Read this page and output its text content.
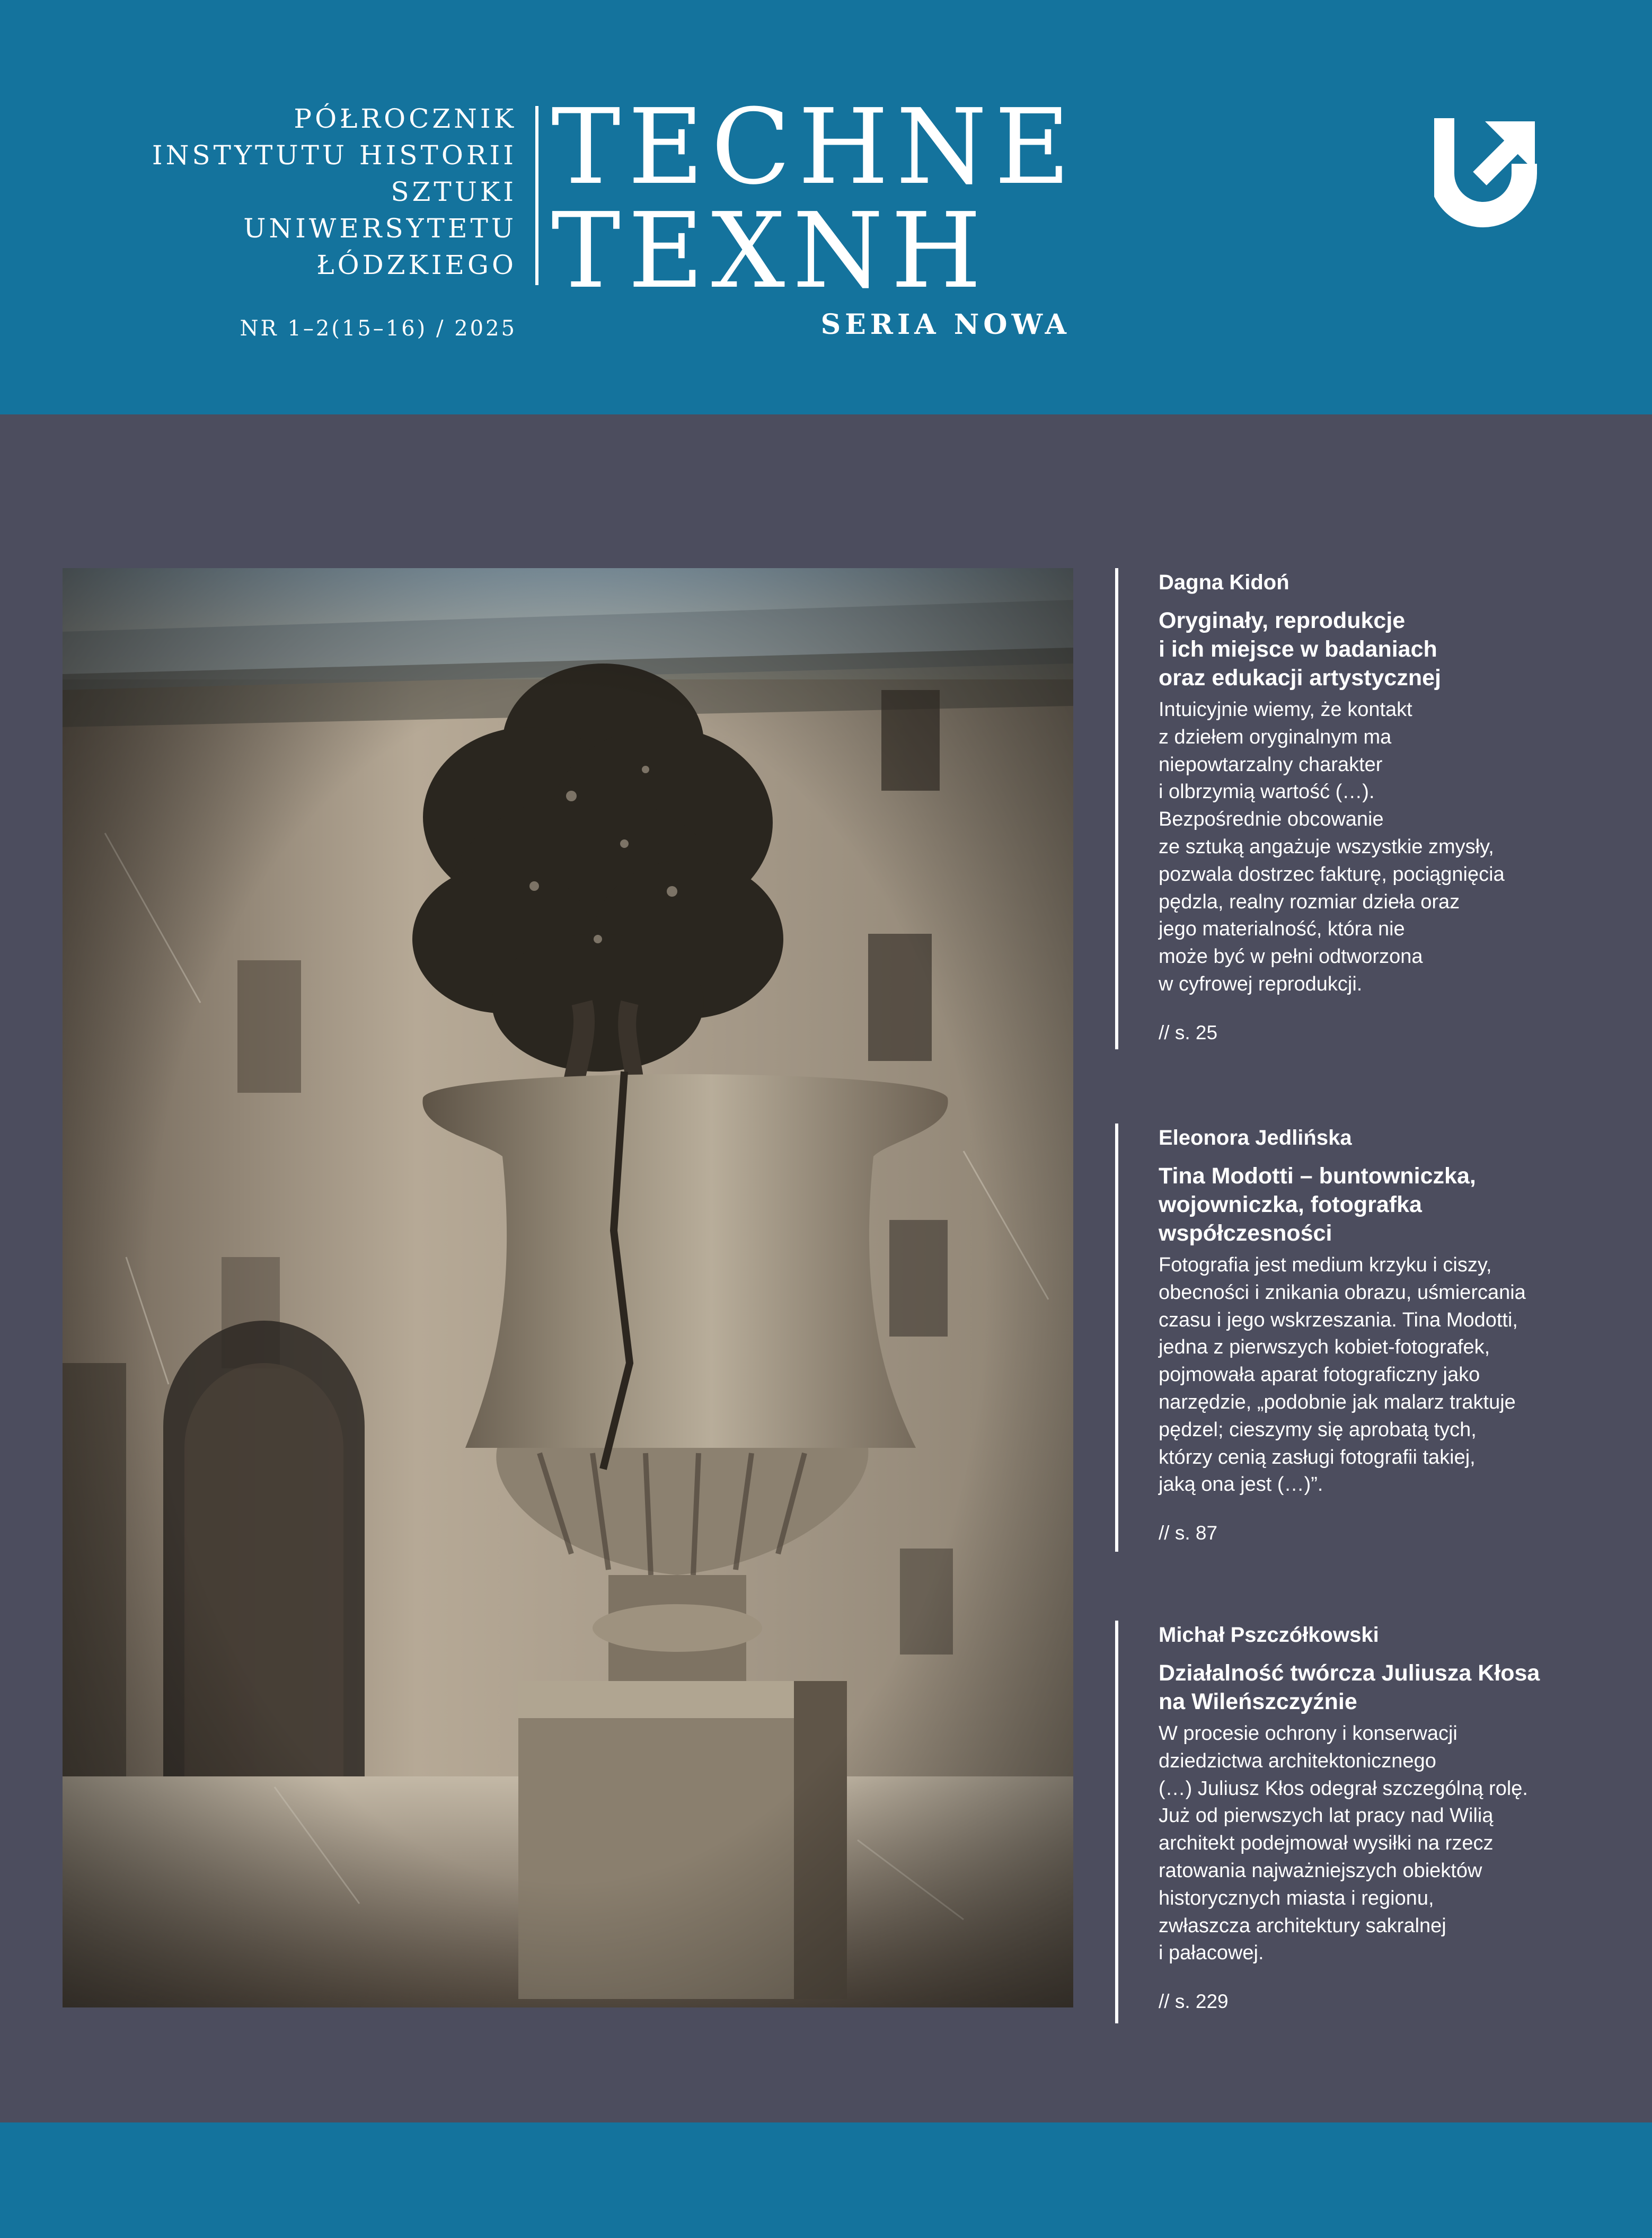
PÓŁROCZNIK
INSTYTUTU HISTORII SZTUKI
UNIWERSYTETU ŁÓDZKIEGO
NR 1–2(15–16) / 2025
TECHNE
TEXNH
SERIA NOWA
Dagna Kidoń
Oryginały, reprodukcje
i ich miejsce w badaniach
oraz edukacji artystycznej
Intuicyjnie wiemy, że kontakt
z dziełem oryginalnym ma
niepowtarzalny charakter
i olbrzymią wartość (…).
Bezpośrednie obcowanie
ze sztuką angażuje wszystkie zmysły,
pozwala dostrzec fakturę, pociągnięcia
pędzla, realny rozmiar dzieła oraz
jego materialność, która nie
może być w pełni odtworzona
w cyfrowej reprodukcji.
// s. 25
Eleonora Jedlińska
Tina Modotti – buntowniczka,
wojowniczka, fotografka
współczesności
Fotografia jest medium krzyku i ciszy,
obecności i znikania obrazu, uśmiercania
czasu i jego wskrzeszania. Tina Modotti,
jedna z pierwszych kobiet-fotografek,
pojmowała aparat fotograficzny jako
narzędzie, „podobnie jak malarz traktuje
pędzel; cieszymy się aprobatą tych,
którzy cenią zasługi fotografii takiej,
jaką ona jest (…)”.
// s. 87
Michał Pszczółkowski
Działalność twórcza Juliusza Kłosa
na Wileńszczyźnie
W procesie ochrony i konserwacji
dziedzictwa architektonicznego
(…) Juliusz Kłos odegrał szczególną rolę.
Już od pierwszych lat pracy nad Wilią
architekt podejmował wysiłki na rzecz
ratowania najważniejszych obiektów
historycznych miasta i regionu,
zwłaszcza architektury sakralnej
i pałacowej.
// s. 229
